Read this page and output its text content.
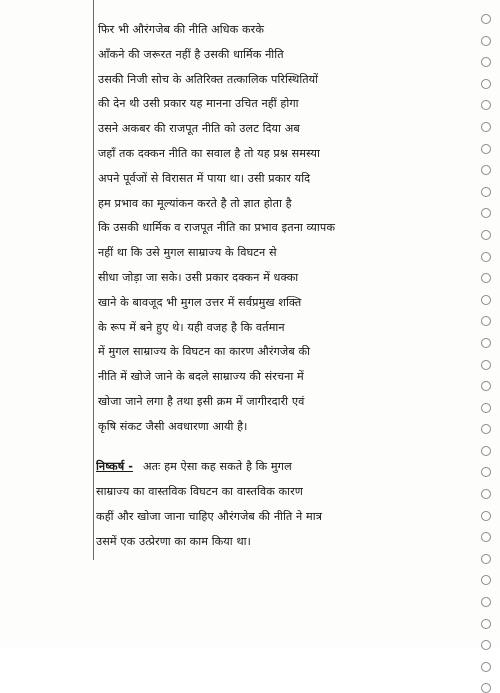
फिर भी औरंगजेब की नीति अधिक करके
आँकने की जरूरत नहीं है उसकी धार्मिक नीति
उसकी निजी सोच के अतिरिक्त तत्कालिक परिस्थितियों
की देन थी उसी प्रकार यह मानना उचित नहीं होगा
उसने अकबर की राजपूत नीति को उलट दिया अब
जहाँ तक दक्कन नीति का सवाल है तो यह प्रश्न समस्या
अपने पूर्वजों से विरासत में पाया था। उसी प्रकार यदि
हम प्रभाव का मूल्यांकन करते है तो ज्ञात होता है
कि उसकी धार्मिक व राजपूत नीति का प्रभाव इतना व्यापक
नहीं था कि उसे मुगल साम्राज्य के विघटन से
सीधा जोड़ा जा सके। उसी प्रकार दक्कन में धक्का
खाने के बावजूद भी मुगल उत्तर में सर्वप्रमुख शक्ति
के रूप में बने हुए थे। यही वजह है कि वर्तमान
में मुगल साम्राज्य के विघटन का कारण औरंगजेब की
नीति में खोजे जाने के बदले साम्राज्य की संरचना में
खोजा जाने लगा है तथा इसी क्रम में जागीरदारी एवं
कृषि संकट जैसी अवधारणा आयी है।
निष्कर्ष - अतः हम ऐसा कह सकते है कि मुगल
साम्राज्य का वास्तविक विघटन का वास्तविक कारण
कहीं और खोजा जाना चाहिए औरंगजेब की नीति ने मात्र
उसमें एक उत्प्रेरणा का काम किया था।
